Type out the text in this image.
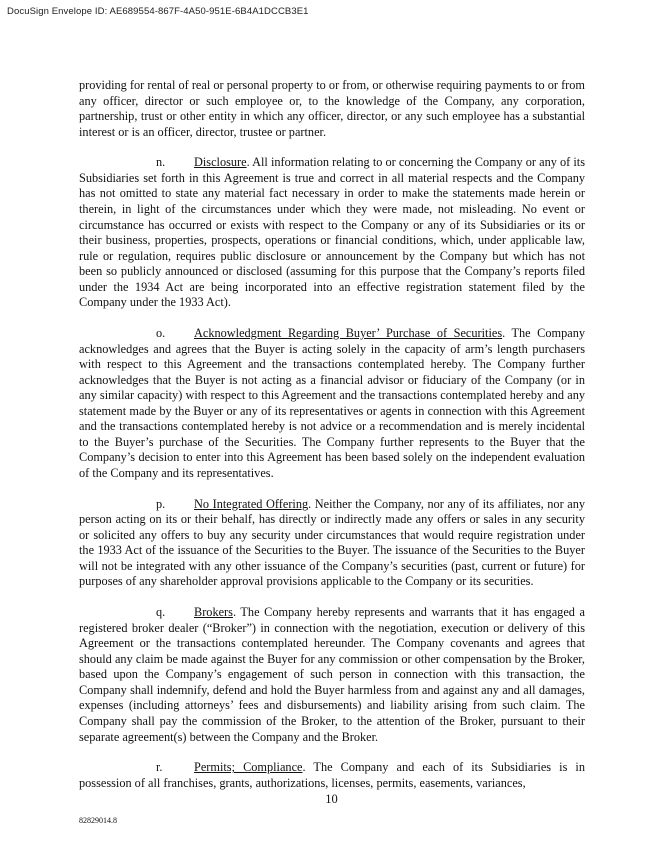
DocuSign Envelope ID: AE689554-867F-4A50-951E-6B4A1DCCB3E1

providing for rental of real or personal property to or from, or otherwise requiring payments to or from any officer, director or such employee or, to the knowledge of the Company, any corporation, partnership, trust or other entity in which any officer, director, or any such employee has a substantial interest or is an officer, director, trustee or partner.

n. Disclosure. All information relating to or concerning the Company or any of its Subsidiaries set forth in this Agreement is true and correct in all material respects and the Company has not omitted to state any material fact necessary in order to make the statements made herein or therein, in light of the circumstances under which they were made, not misleading. No event or circumstance has occurred or exists with respect to the Company or any of its Subsidiaries or its or their business, properties, prospects, operations or financial conditions, which, under applicable law, rule or regulation, requires public disclosure or announcement by the Company but which has not been so publicly announced or disclosed (assuming for this purpose that the Company’s reports filed under the 1934 Act are being incorporated into an effective registration statement filed by the Company under the 1933 Act).

o. Acknowledgment Regarding Buyer’ Purchase of Securities. The Company acknowledges and agrees that the Buyer is acting solely in the capacity of arm’s length purchasers with respect to this Agreement and the transactions contemplated hereby. The Company further acknowledges that the Buyer is not acting as a financial advisor or fiduciary of the Company (or in any similar capacity) with respect to this Agreement and the transactions contemplated hereby and any statement made by the Buyer or any of its representatives or agents in connection with this Agreement and the transactions contemplated hereby is not advice or a recommendation and is merely incidental to the Buyer’s purchase of the Securities. The Company further represents to the Buyer that the Company’s decision to enter into this Agreement has been based solely on the independent evaluation of the Company and its representatives.

p. No Integrated Offering. Neither the Company, nor any of its affiliates, nor any person acting on its or their behalf, has directly or indirectly made any offers or sales in any security or solicited any offers to buy any security under circumstances that would require registration under the 1933 Act of the issuance of the Securities to the Buyer. The issuance of the Securities to the Buyer will not be integrated with any other issuance of the Company’s securities (past, current or future) for purposes of any shareholder approval provisions applicable to the Company or its securities.

q. Brokers. The Company hereby represents and warrants that it has engaged a registered broker dealer (“Broker”) in connection with the negotiation, execution or delivery of this Agreement or the transactions contemplated hereunder. The Company covenants and agrees that should any claim be made against the Buyer for any commission or other compensation by the Broker, based upon the Company’s engagement of such person in connection with this transaction, the Company shall indemnify, defend and hold the Buyer harmless from and against any and all damages, expenses (including attorneys’ fees and disbursements) and liability arising from such claim. The Company shall pay the commission of the Broker, to the attention of the Broker, pursuant to their separate agreement(s) between the Company and the Broker.

r.	Permits; Compliance. The Company and each of its Subsidiaries is in possession of all franchises, grants, authorizations, licenses, permits, easements, variances,

10
82829014.8
